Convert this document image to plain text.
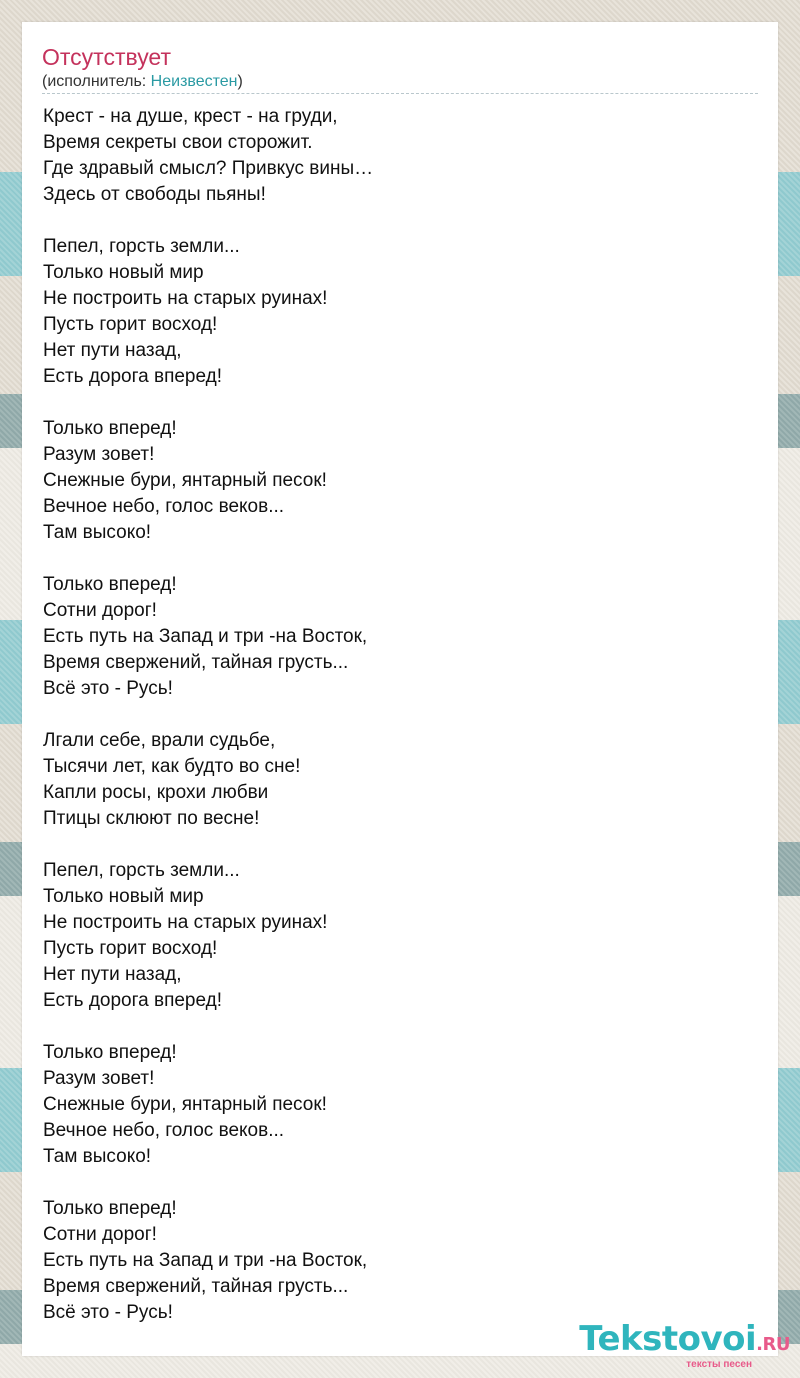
Отсутствует
(исполнитель: Неизвестен)
Крест - на душе, крест - на груди,
Время секреты свои сторожит.
Где здравый смысл? Привкус вины…
Здесь от свободы пьяны!
Пепел, горсть земли...
Только новый мир
Не построить на старых руинах!
Пусть горит восход!
Нет пути назад,
Есть дорога вперед!
Только вперед!
Разум зовет!
Снежные бури, янтарный песок!
Вечное небо, голос веков...
Там высоко!
Только вперед!
Сотни дорог!
Есть путь на Запад и три -на Восток,
Время свержений, тайная грусть...
Всё это - Русь!
Лгали себе, врали судьбе,
Тысячи лет, как будто во сне!
Капли росы, крохи любви
Птицы склюют по весне!
Пепел, горсть земли...
Только новый мир
Не построить на старых руинах!
Пусть горит восход!
Нет пути назад,
Есть дорога вперед!
Только вперед!
Разум зовет!
Снежные бури, янтарный песок!
Вечное небо, голос веков...
Там высоко!
Только вперед!
Сотни дорог!
Есть путь на Запад и три -на Восток,
Время свержений, тайная грусть...
Всё это - Русь!
Tekstovoi.RU
тексты песен
